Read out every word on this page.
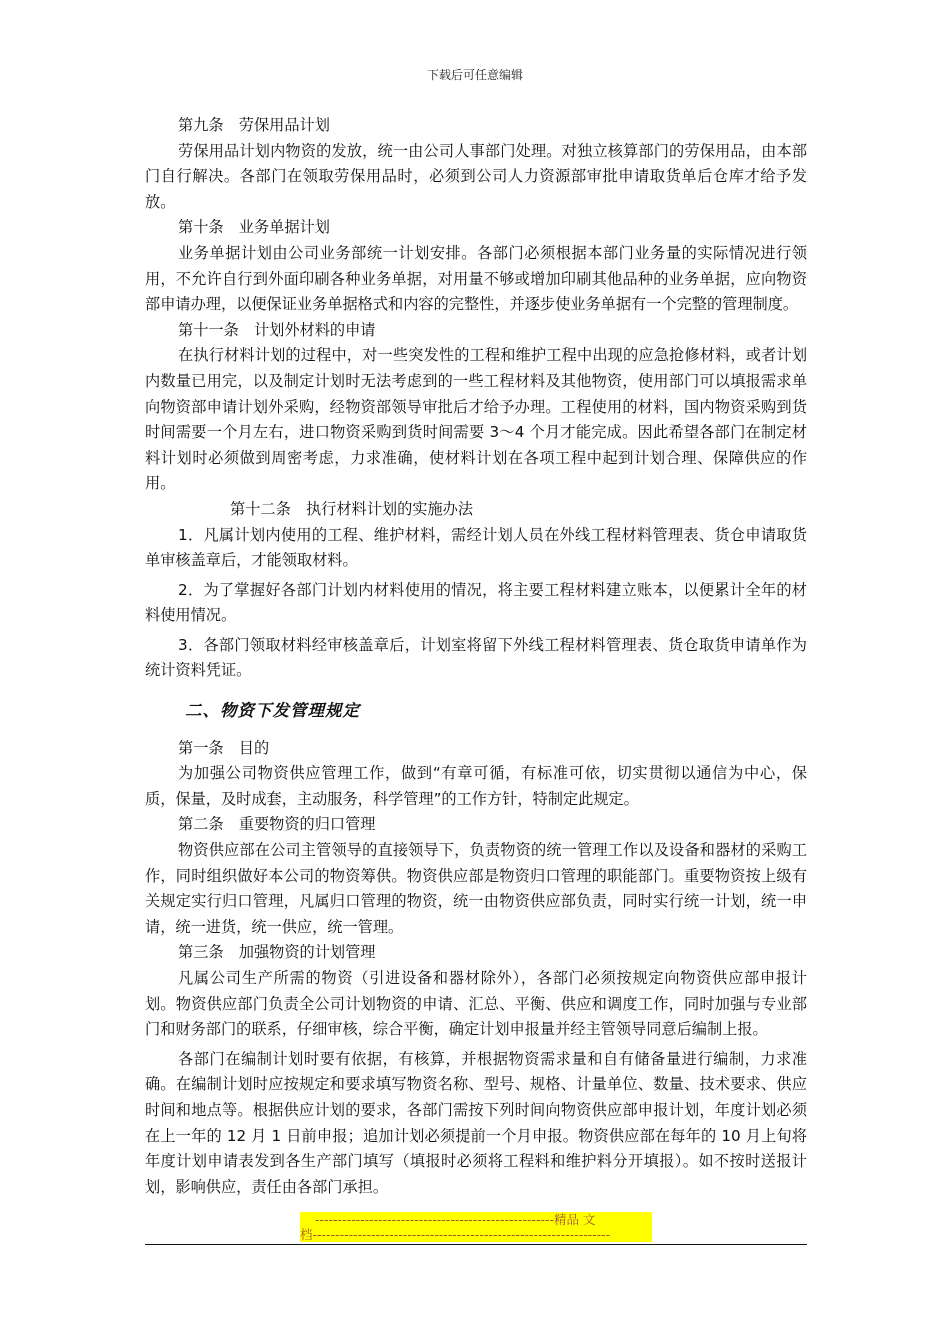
下载后可任意编辑

第九条　劳保用品计划

劳保用品计划内物资的发放，统一由公司人事部门处理。对独立核算部门的劳保用品，由本部门自行解决。各部门在领取劳保用品时，必须到公司人力资源部审批申请取货单后仓库才给予发放。

第十条　业务单据计划

业务单据计划由公司业务部统一计划安排。各部门必须根据本部门业务量的实际情况进行领用，不允许自行到外面印刷各种业务单据，对用量不够或增加印刷其他品种的业务单据，应向物资部申请办理，以便保证业务单据格式和内容的完整性，并逐步使业务单据有一个完整的管理制度。

第十一条　计划外材料的申请

在执行材料计划的过程中，对一些突发性的工程和维护工程中出现的应急抢修材料，或者计划内数量已用完，以及制定计划时无法考虑到的一些工程材料及其他物资，使用部门可以填报需求单向物资部申请计划外采购，经物资部领导审批后才给予办理。工程使用的材料，国内物资采购到货时间需要一个月左右，进口物资采购到货时间需要 3～4 个月才能完成。因此希望各部门在制定材料计划时必须做到周密考虑，力求准确，使材料计划在各项工程中起到计划合理、保障供应的作用。

第十二条　执行材料计划的实施办法

1．凡属计划内使用的工程、维护材料，需经计划人员在外线工程材料管理表、货仓申请取货单审核盖章后，才能领取材料。

2．为了掌握好各部门计划内材料使用的情况，将主要工程材料建立账本，以便累计全年的材料使用情况。

3．各部门领取材料经审核盖章后，计划室将留下外线工程材料管理表、货仓取货申请单作为统计资料凭证。

二、物资下发管理规定

第一条　目的

为加强公司物资供应管理工作，做到“有章可循，有标准可依，切实贯彻以通信为中心，保质，保量，及时成套，主动服务，科学管理”的工作方针，特制定此规定。

第二条　重要物资的归口管理

物资供应部在公司主管领导的直接领导下，负责物资的统一管理工作以及设备和器材的采购工作，同时组织做好本公司的物资筹供。物资供应部是物资归口管理的职能部门。重要物资按上级有关规定实行归口管理，凡属归口管理的物资，统一由物资供应部负责，同时实行统一计划，统一申请，统一进货，统一供应，统一管理。

第三条　加强物资的计划管理

凡属公司生产所需的物资（引进设备和器材除外），各部门必须按规定向物资供应部申报计划。物资供应部门负责全公司计划物资的申请、汇总、平衡、供应和调度工作，同时加强与专业部门和财务部门的联系，仔细审核，综合平衡，确定计划申报量并经主管领导同意后编制上报。

各部门在编制计划时要有依据，有核算，并根据物资需求量和自有储备量进行编制，力求准确。在编制计划时应按规定和要求填写物资名称、型号、规格、计量单位、数量、技术要求、供应时间和地点等。根据供应计划的要求，各部门需按下列时间向物资供应部申报计划，年度计划必须在上一年的 12 月 1 日前申报；追加计划必须提前一个月申报。物资供应部在每年的 10 月上旬将年度计划申请表发到各生产部门填写（填报时必须将工程料和维护料分开填报）。如不按时送报计划，影响供应，责任由各部门承担。

-----------------------------------------------------精品 文
档------------------------------------------------------------------
